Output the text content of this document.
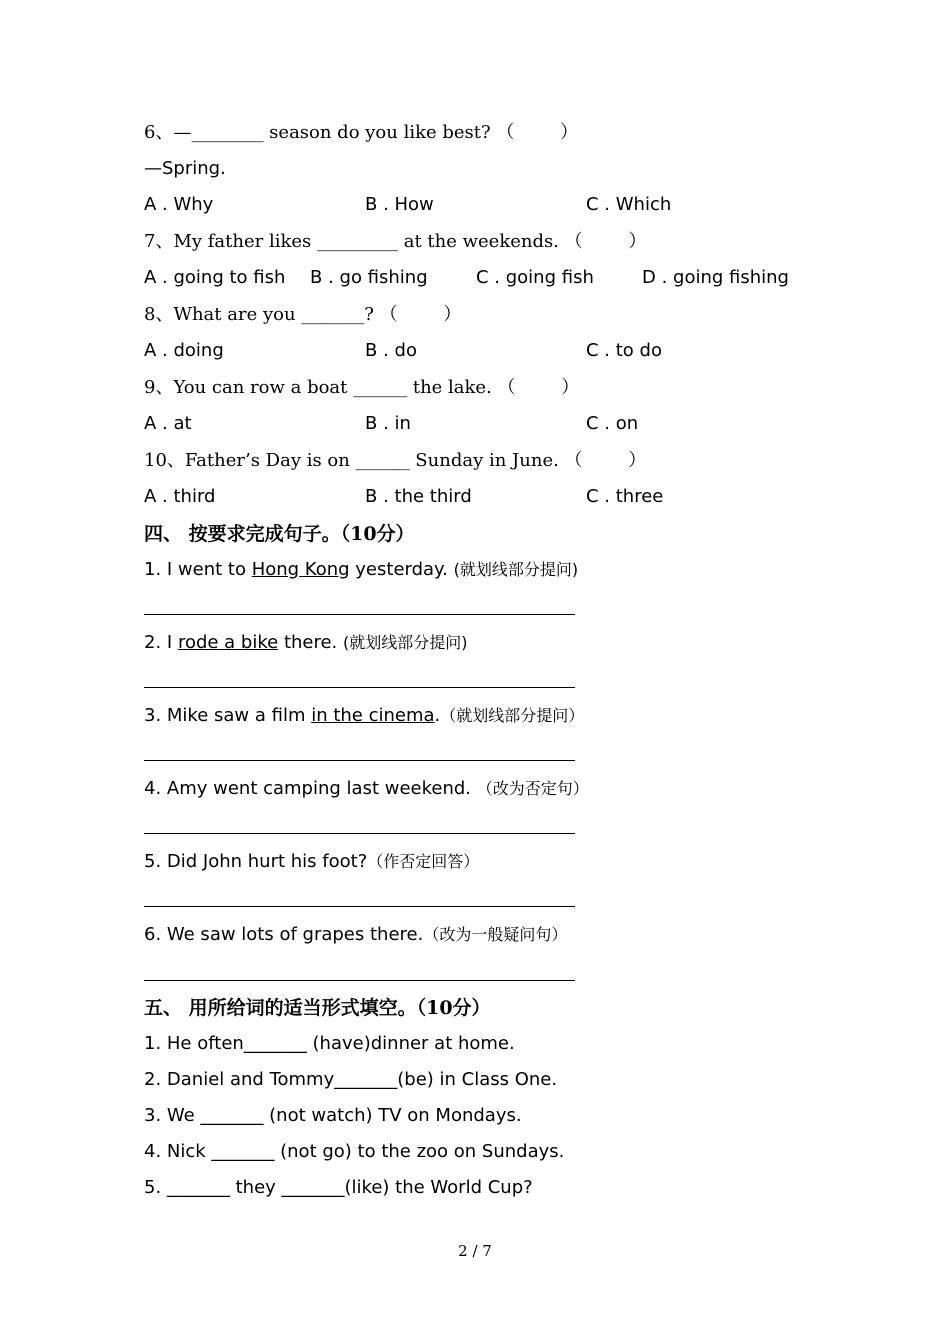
6、—________ season do you like best? （        ）
—Spring.
A . Why	B . How	C . Which
7、My father likes _________ at the weekends. （        ）
A . going to fish B . go fishing	C . going fish	D . going fishing
8、What are you _______? （        ）
A . doing	B . do	C . to do
9、You can row a boat ______ the lake. （        ）
A . at	B . in	C . on
10、Father’s Day is on ______ Sunday in June. （        ）
A . third	B . the third	C . three
四、 按要求完成句子。（10分）
1. I went to Hong Kong yesterday. (就划线部分提问)
2. I rode a bike there. (就划线部分提问)
3. Mike saw a film in the cinema.（就划线部分提问）
4. Amy went camping last weekend. （改为否定句）
5. Did John hurt his foot?（作否定回答）
6. We saw lots of grapes there.（改为一般疑问句）
五、 用所给词的适当形式填空。（10分）
1. He often_______ (have)dinner at home.
2. Daniel and Tommy_______(be) in Class One.
3. We _______ (not watch) TV on Mondays.
4. Nick _______ (not go) to the zoo on Sundays.
5. _______ they _______(like) the World Cup?
2 / 7
